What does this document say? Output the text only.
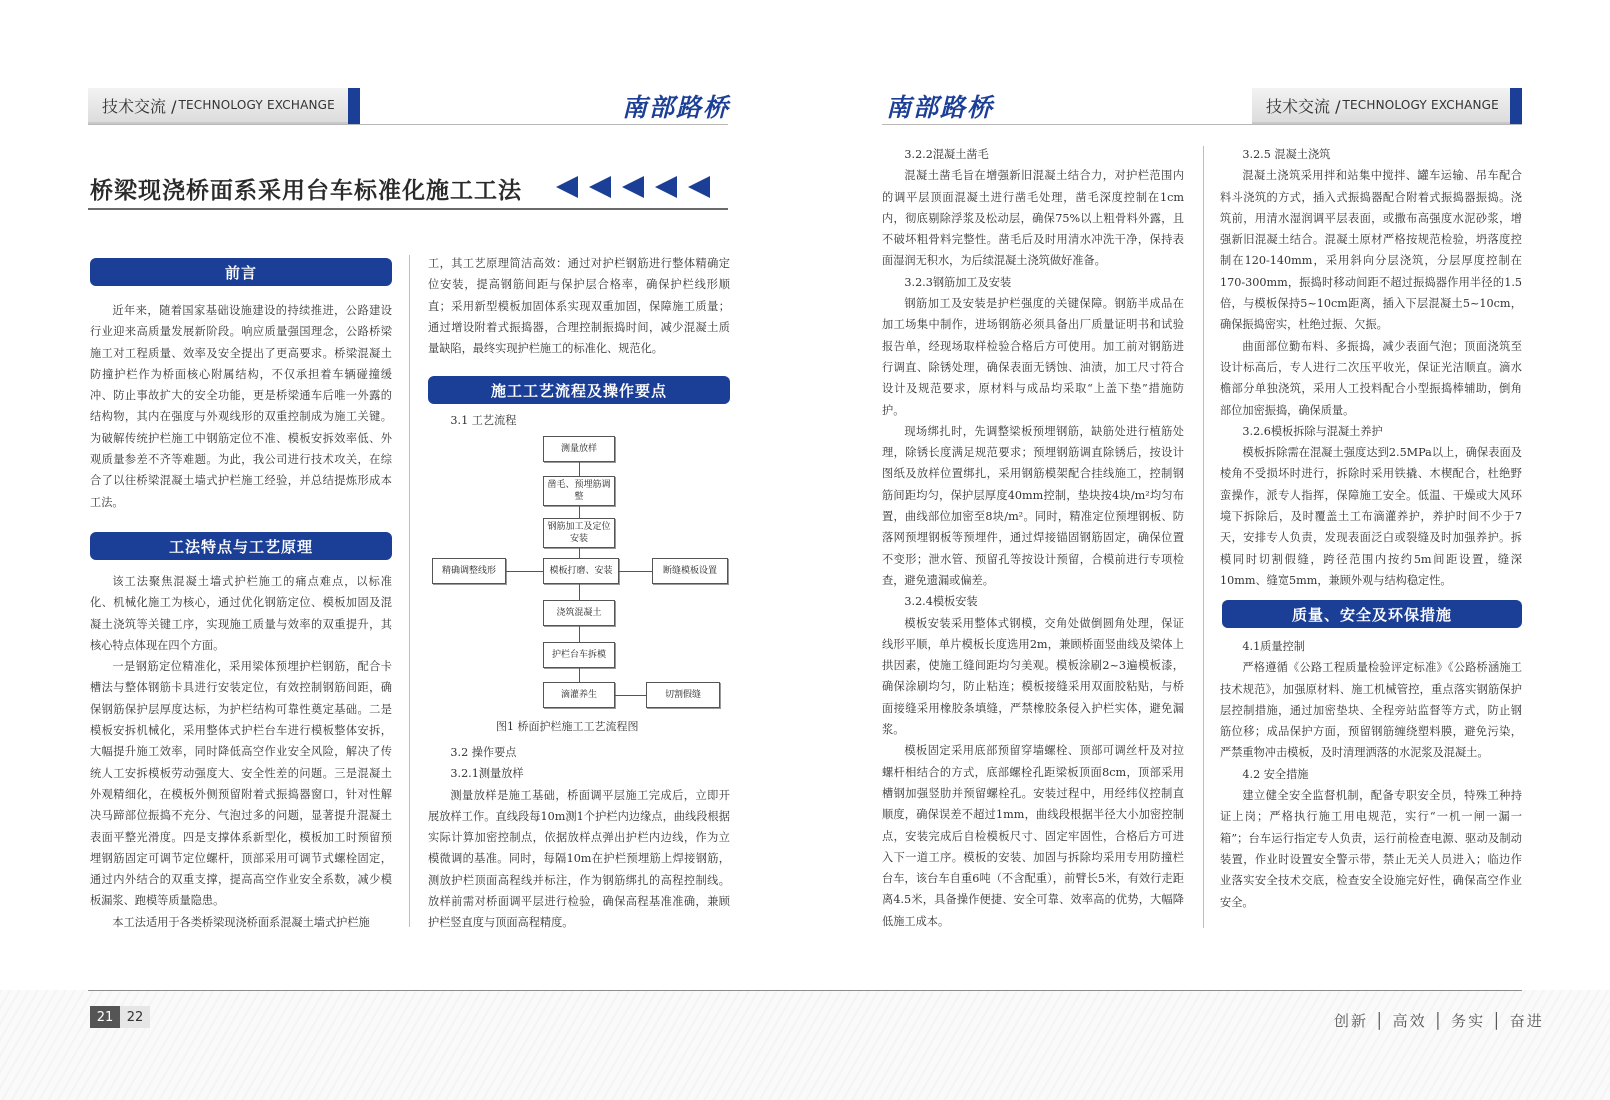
技术交流 / TECHNOLOGY EXCHANGE	南部路桥	南部路桥	技术交流 / TECHNOLOGY EXCHANGE
桥梁现浇桥面系采用台车标准化施工工法
前言

近年来，随着国家基础设施建设的持续推进，公路建设行业迎来高质量发展新阶段。响应质量强国理念，公路桥梁施工对工程质量、效率及安全提出了更高要求。桥梁混凝土防撞护栏作为桥面核心附属结构，不仅承担着车辆碰撞缓冲、防止事故扩大的安全功能，更是桥梁通车后唯一外露的结构物，其内在强度与外观线形的双重控制成为施工关键。为破解传统护栏施工中钢筋定位不准、模板安拆效率低、外观质量参差不齐等难题。为此，我公司进行技术攻关，在综合了以往桥梁混凝土墙式护栏施工经验，并总结提炼形成本工法。

工法特点与工艺原理

该工法聚焦混凝土墙式护栏施工的痛点难点，以标准化、机械化施工为核心，通过优化钢筋定位、模板加固及混凝土浇筑等关键工序，实现施工质量与效率的双重提升，其核心特点体现在四个方面。

一是钢筋定位精准化，采用梁体预埋护栏钢筋，配合卡槽法与整体钢筋卡具进行安装定位，有效控制钢筋间距，确保钢筋保护层厚度达标，为护栏结构可靠性奠定基础。二是模板安拆机械化，采用整体式护栏台车进行模板整体安拆，大幅提升施工效率，同时降低高空作业安全风险，解决了传统人工安拆模板劳动强度大、安全性差的问题。三是混凝土外观精细化，在模板外侧预留附着式振捣器窗口，针对性解决马蹄部位振捣不充分、气泡过多的问题，显著提升混凝土表面平整光滑度。四是支撑体系新型化，模板加工时预留预埋钢筋固定可调节定位螺杆，顶部采用可调节式螺栓固定，通过内外结合的双重支撑，提高高空作业安全系数，减少模板漏浆、跑模等质量隐患。

本工法适用于各类桥梁现浇桥面系混凝土墙式护栏施

工，其工艺原理简洁高效：通过对护栏钢筋进行整体精确定位安装，提高钢筋间距与保护层合格率，确保护栏线形顺直；采用新型模板加固体系实现双重加固，保障施工质量；通过增设附着式振捣器，合理控制振捣时间，减少混凝土质量缺陷，最终实现护栏施工的标准化、规范化。

施工工艺流程及操作要点

3.1 工艺流程

测量放样
凿毛、预埋筋调整
钢筋加工及定位安装
模板打磨、安装
精确调整线形	断缝模板设置
浇筑混凝土
护栏台车拆模
滴灌养生	切割假缝
图1 桥面护栏施工工艺流程图

3.2 操作要点

3.2.1测量放样

测量放样是施工基础，桥面调平层施工完成后，立即开展放样工作。直线段每10m测1个护栏内边缘点，曲线段根据实际计算加密控制点，依据放样点弹出护栏内边线，作为立模微调的基准。同时，每隔10m在护栏预埋筋上焊接钢筋，测放护栏顶面高程线并标注，作为钢筋绑扎的高程控制线。放样前需对桥面调平层进行检验，确保高程基准准确，兼顾护栏竖直度与顶面高程精度。

3.2.2混凝土凿毛

混凝土凿毛旨在增强新旧混凝土结合力，对护栏范围内的调平层顶面混凝土进行凿毛处理，凿毛深度控制在1cm内，彻底剔除浮浆及松动层，确保75%以上粗骨料外露，且不破坏粗骨料完整性。凿毛后及时用清水冲洗干净，保持表面湿润无积水，为后续混凝土浇筑做好准备。

3.2.3钢筋加工及安装

钢筋加工及安装是护栏强度的关键保障。钢筋半成品在加工场集中制作，进场钢筋必须具备出厂质量证明书和试验报告单，经现场取样检验合格后方可使用。加工前对钢筋进行调直、除锈处理，确保表面无锈蚀、油渍，加工尺寸符合设计及规范要求，原材料与成品均采取“上盖下垫”措施防护。

现场绑扎时，先调整梁板预埋钢筋，缺筋处进行植筋处理，除锈长度满足规范要求；预埋钢筋调直除锈后，按设计图纸及放样位置绑扎，采用钢筋模架配合挂线施工，控制钢筋间距均匀，保护层厚度40mm控制，垫块按4块/m²均匀布置，曲线部位加密至8块/m²。同时，精准定位预埋钢板、防落网预埋钢板等预埋件，通过焊接锚固钢筋固定，确保位置不变形；泄水管、预留孔等按设计预留，合模前进行专项检查，避免遗漏或偏差。

3.2.4模板安装

模板安装采用整体式钢模，交角处做倒圆角处理，保证线形平顺，单片模板长度选用2m，兼顾桥面竖曲线及梁体上拱因素，使施工缝间距均匀美观。模板涂刷2~3遍模板漆，确保涂刷均匀，防止粘连；模板接缝采用双面胶粘贴，与桥面接缝采用橡胶条填缝，严禁橡胶条侵入护栏实体，避免漏浆。

模板固定采用底部预留穿墙螺栓、顶部可调丝杆及对拉螺杆相结合的方式，底部螺栓孔距梁板顶面8cm，顶部采用槽钢加强竖肋并预留螺栓孔。安装过程中，用经纬仪控制直顺度，确保误差不超过1mm，曲线段根据半径大小加密控制点，安装完成后自检模板尺寸、固定牢固性，合格后方可进入下一道工序。模板的安装、加固与拆除均采用专用防撞栏台车，该台车自重6吨（不含配重），前臂长5米，有效行走距离4.5米，具备操作便捷、安全可靠、效率高的优势，大幅降低施工成本。

3.2.5 混凝土浇筑

混凝土浇筑采用拌和站集中搅拌、罐车运输、吊车配合料斗浇筑的方式，插入式振捣器配合附着式振捣器振捣。浇筑前，用清水湿润调平层表面，或撒布高强度水泥砂浆，增强新旧混凝土结合。混凝土原材严格按规范检验，坍落度控制在120-140mm，采用斜向分层浇筑，分层厚度控制在170-300mm，振捣时移动间距不超过振捣器作用半径的1.5倍，与模板保持5~10cm距离，插入下层混凝土5~10cm，确保振捣密实，杜绝过振、欠振。

曲面部位勤布料、多振捣，减少表面气泡；顶面浇筑至设计标高后，专人进行二次压平收光，保证光洁顺直。滴水檐部分单独浇筑，采用人工投料配合小型振捣棒辅助，倒角部位加密振捣，确保质量。

3.2.6模板拆除与混凝土养护

模板拆除需在混凝土强度达到2.5MPa以上，确保表面及棱角不受损坏时进行，拆除时采用铁撬、木楔配合，杜绝野蛮操作，派专人指挥，保障施工安全。低温、干燥或大风环境下拆除后，及时覆盖土工布滴灌养护，养护时间不少于7天，安排专人负责，发现表面泛白或裂缝及时加强养护。拆模同时切割假缝，跨径范围内按约5m间距设置，缝深10mm、缝宽5mm，兼顾外观与结构稳定性。

质量、安全及环保措施

4.1质量控制

严格遵循《公路工程质量检验评定标准》《公路桥涵施工技术规范》，加强原材料、施工机械管控，重点落实钢筋保护层控制措施，通过加密垫块、全程旁站监督等方式，防止钢筋位移；成品保护方面，预留钢筋缠绕塑料膜，避免污染，严禁重物冲击模板，及时清理洒落的水泥浆及混凝土。

4.2 安全措施

建立健全安全监督机制，配备专职安全员，特殊工种持证上岗；严格执行施工用电规范，实行“一机一闸一漏一箱”；台车运行指定专人负责，运行前检查电源、驱动及制动装置，作业时设置安全警示带，禁止无关人员进入；临边作业落实安全技术交底，检查安全设施完好性，确保高空作业安全。

21	22	创新 │ 高效 │ 务实 │ 奋进
